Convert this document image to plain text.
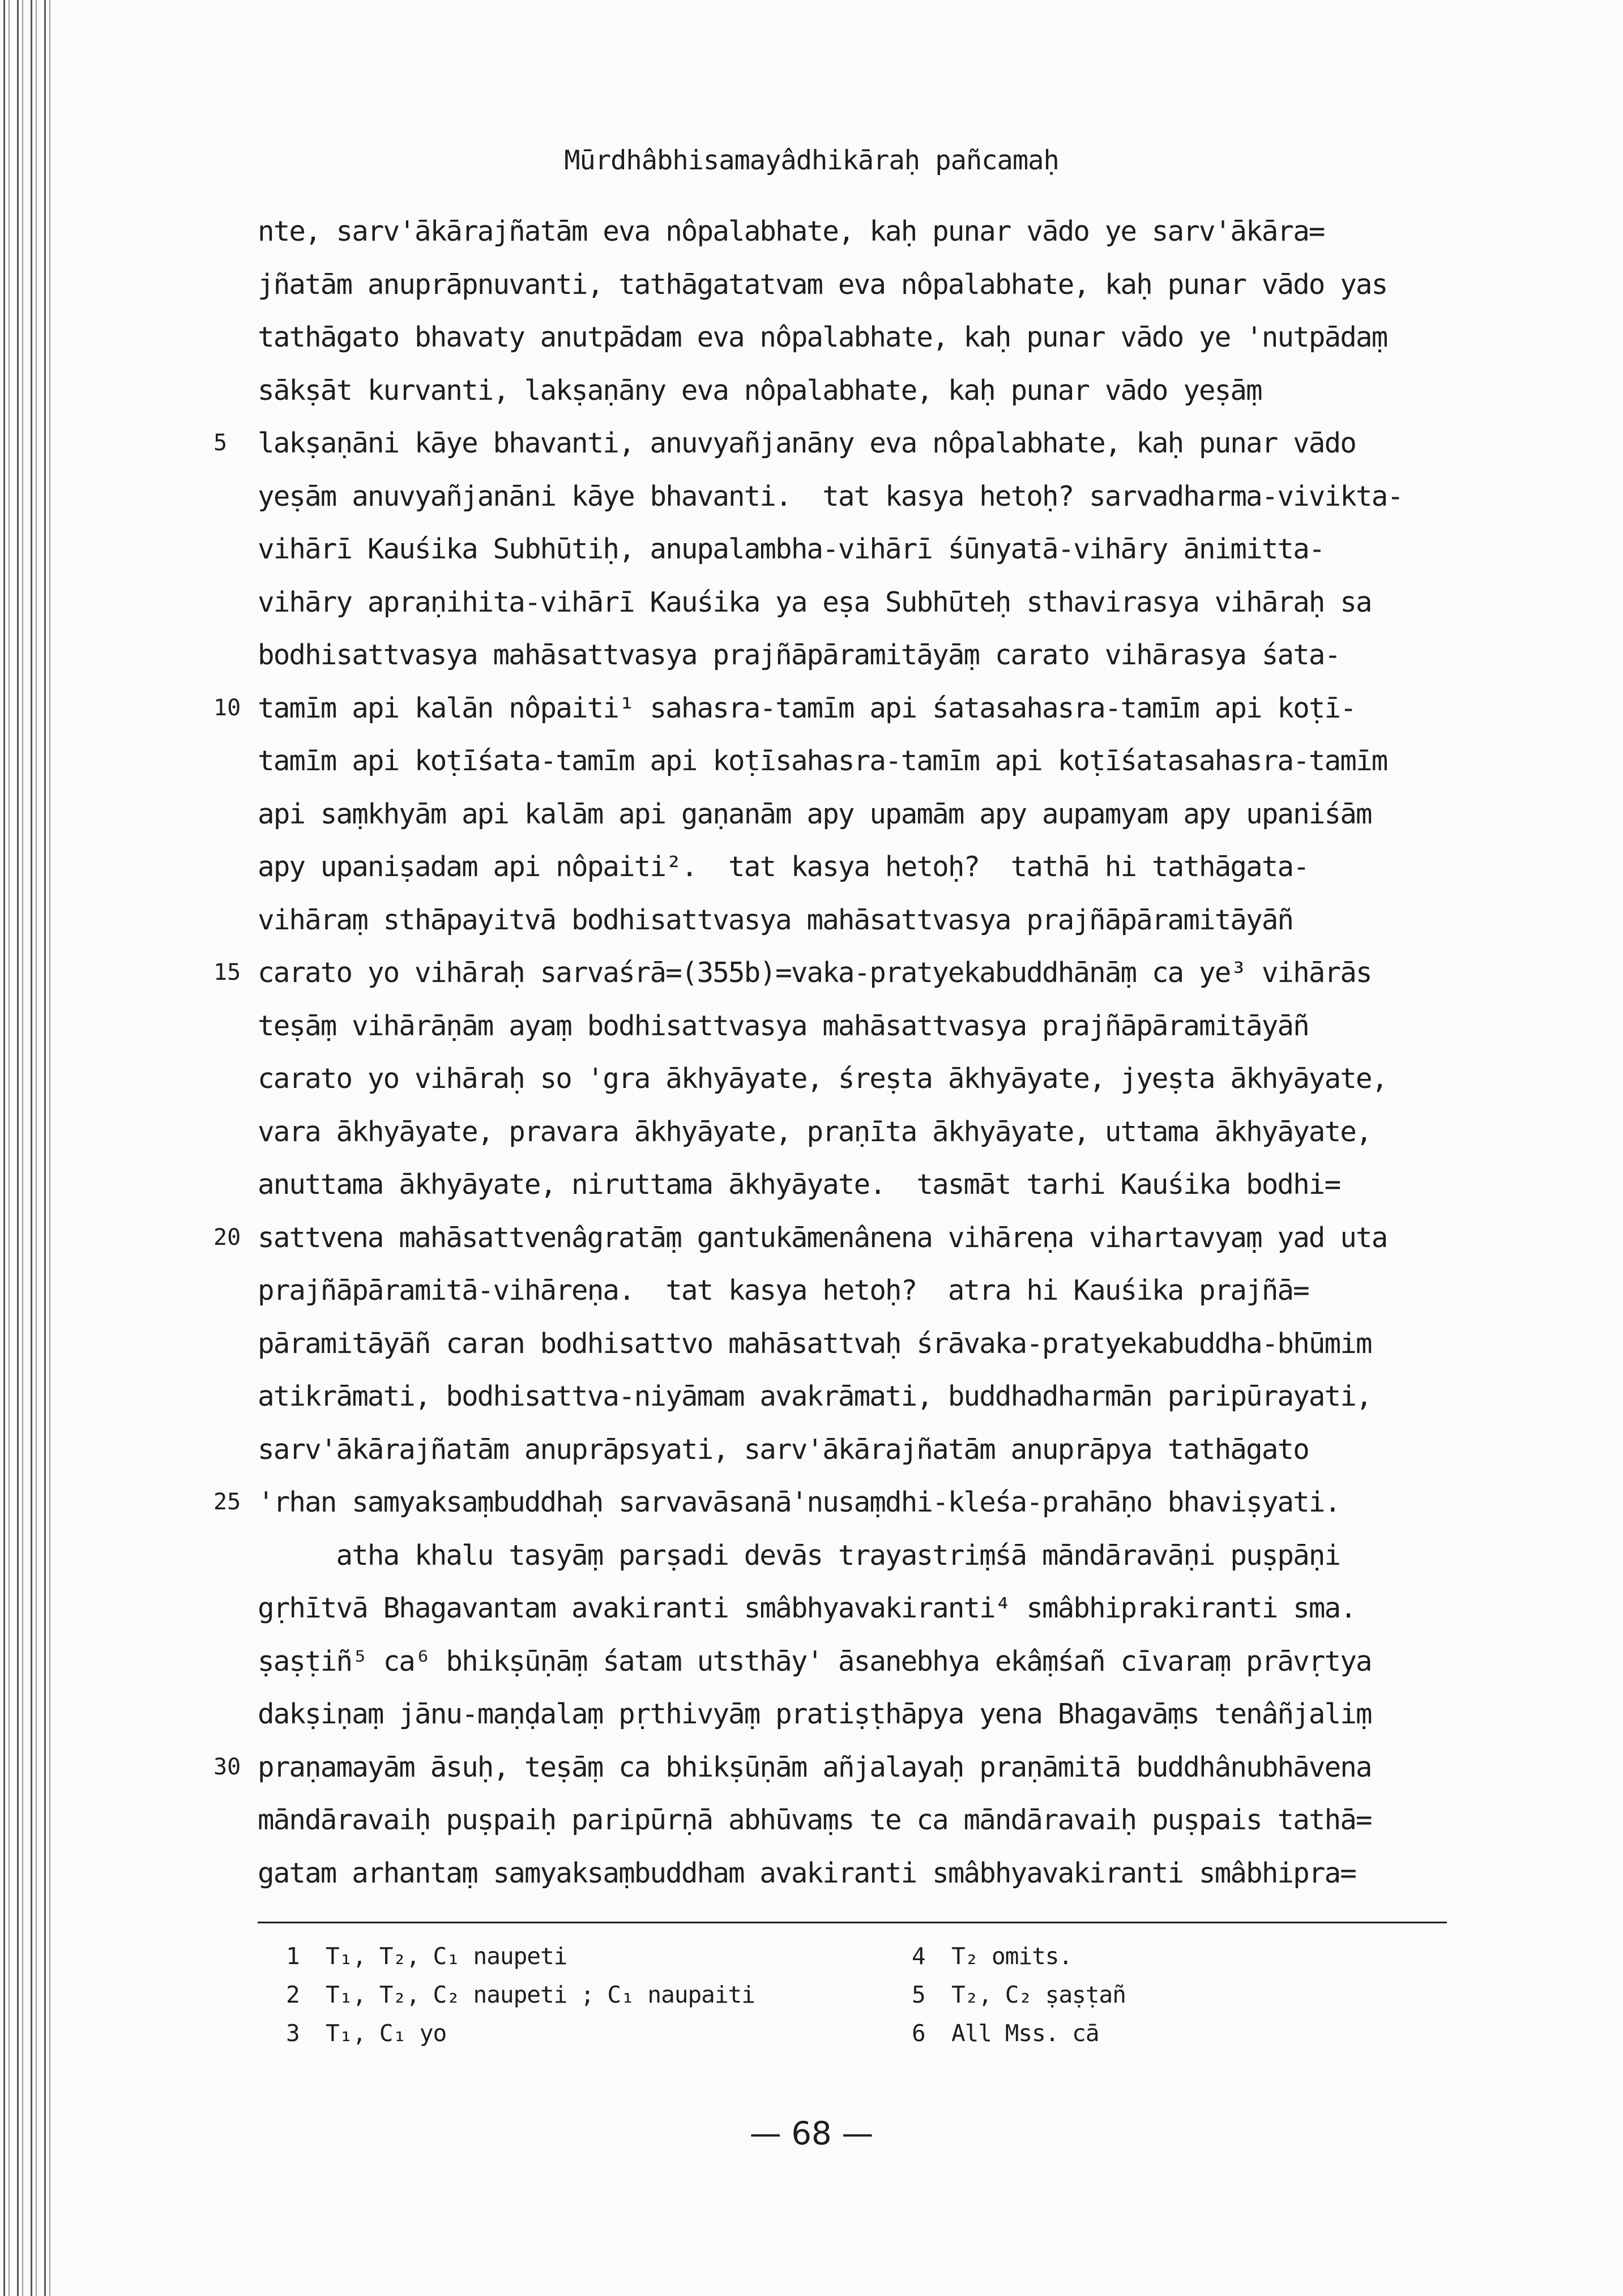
Mūrdhâbhisamayâdhikāraḥ pañcamaḥ
nte, sarv'ākārajñatām eva nôpalabhate, kaḥ punar vādo ye sarv'ākāra=
jñatām anuprāpnuvanti, tathāgatatvam eva nôpalabhate, kaḥ punar vādo yas
tathāgato bhavaty anutpādam eva nôpalabhate, kaḥ punar vādo ye 'nutpādaṃ
sākṣāt kurvanti, lakṣaṇāny eva nôpalabhate, kaḥ punar vādo yeṣāṃ
5	lakṣaṇāni kāye bhavanti, anuvyañjanāny eva nôpalabhate, kaḥ punar vādo
yeṣām anuvyañjanāni kāye bhavanti.  tat kasya hetoḥ? sarvadharma-vivikta-
vihārī Kauśika Subhūtiḥ, anupalambha-vihārī śūnyatā-vihāry ānimitta-
vihāry apraṇihita-vihārī Kauśika ya eṣa Subhūteḥ sthavirasya vihāraḥ sa
bodhisattvasya mahāsattvasya prajñāpāramitāyāṃ carato vihārasya śata-
10 tamīm api kalān nôpaiti¹ sahasra-tamīm api śatasahasra-tamīm api koṭī-
tamīm api koṭīśata-tamīm api koṭīsahasra-tamīm api koṭīśatasahasra-tamīm
api saṃkhyām api kalām api gaṇanām apy upamām apy aupamyam apy upaniśām
apy upaniṣadam api nôpaiti².  tat kasya hetoḥ?  tathā hi tathāgata-
vihāraṃ sthāpayitvā bodhisattvasya mahāsattvasya prajñāpāramitāyāñ
15 carato yo vihāraḥ sarvaśrā=(355b)=vaka-pratyekabuddhānāṃ ca ye³ vihārās
teṣāṃ vihārāṇām ayaṃ bodhisattvasya mahāsattvasya prajñāpāramitāyāñ
carato yo vihāraḥ so 'gra ākhyāyate, śreṣta ākhyāyate, jyeṣta ākhyāyate,
vara ākhyāyate, pravara ākhyāyate, praṇīta ākhyāyate, uttama ākhyāyate,
anuttama ākhyāyate, niruttama ākhyāyate.  tasmāt tarhi Kauśika bodhi=
20 sattvena mahāsattvenâgratāṃ gantukāmenânena vihāreṇa vihartavyaṃ yad uta
prajñāpāramitā-vihāreṇa.  tat kasya hetoḥ?  atra hi Kauśika prajñā=
pāramitāyāñ caran bodhisattvo mahāsattvaḥ śrāvaka-pratyekabuddha-bhūmim
atikrāmati, bodhisattva-niyāmam avakrāmati, buddhadharmān paripūrayati,
sarv'ākārajñatām anuprāpsyati, sarv'ākārajñatām anuprāpya tathāgato
25 'rhan samyaksaṃbuddhaḥ sarvavāsanā'nusaṃdhi-kleśa-prahāṇo bhaviṣyati.
atha khalu tasyāṃ parṣadi devās trayastriṃśā māndāravāṇi puṣpāṇi
gṛhītvā Bhagavantam avakiranti smâbhyavakiranti⁴ smâbhiprakiranti sma.
ṣaṣṭiñ⁵ ca⁶ bhikṣūṇāṃ śatam utsthāy' āsanebhya ekâṃśañ cīvaraṃ prāvṛtya
dakṣiṇaṃ jānu-maṇḍalaṃ pṛthivyāṃ pratiṣṭhāpya yena Bhagavāṃs tenâñjaliṃ
30 praṇamayām āsuḥ, teṣāṃ ca bhikṣūṇām añjalayaḥ praṇāmitā buddhânubhāvena
māndāravaiḥ puṣpaiḥ paripūrṇā abhūvaṃs te ca māndāravaiḥ puṣpais tathā=
gatam arhantaṃ samyaksaṃbuddham avakiranti smâbhyavakiranti smâbhipra=
1 T₁, T₂, C₁ naupeti
2 T₁, T₂, C₂ naupeti ; C₁ naupaiti
3 T₁, C₁ yo
4 T₂ omits.
5 T₂, C₂ ṣaṣṭañ
6 All Mss. cā
— 68 —
